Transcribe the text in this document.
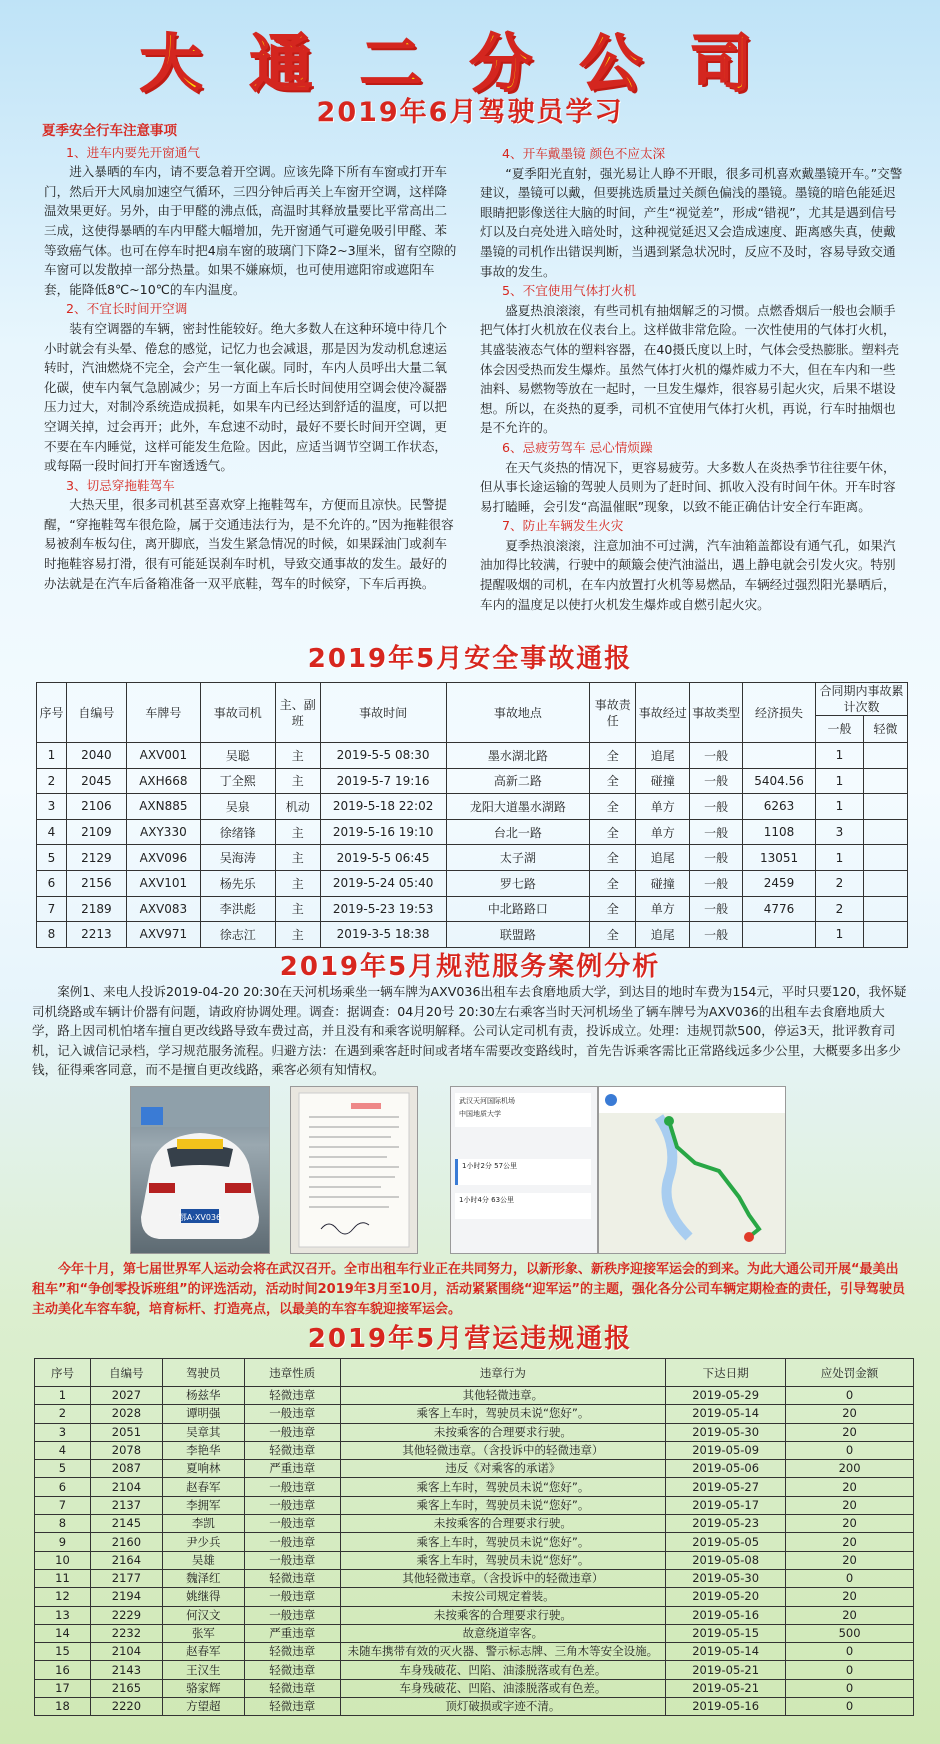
大通二分公司
2019年6月驾驶员学习
夏季安全行车注意事项
1、进车内要先开窗通气

进入暴晒的车内，请不要急着开空调。应该先降下所有车窗或打开车门，然后开大风扇加速空气循环，三四分钟后再关上车窗开空调，这样降温效果更好。另外，由于甲醛的沸点低，高温时其释放量要比平常高出二三成，这使得暴晒的车内甲醛大幅增加，先开窗通气可避免吸引甲醛、苯等致癌气体。也可在停车时把4扇车窗的玻璃门下降2~3厘米，留有空隙的车窗可以发散掉一部分热量。如果不嫌麻烦，也可使用遮阳帘或遮阳车套，能降低8℃~10℃的车内温度。

2、不宜长时间开空调

装有空调器的车辆，密封性能较好。绝大多数人在这种环境中待几个小时就会有头晕、倦怠的感觉，记忆力也会减退，那是因为发动机怠速运转时，汽油燃烧不完全，会产生一氧化碳。同时，车内人员呼出大量二氧化碳，使车内氧气急剧减少；另一方面上车后长时间使用空调会使冷凝器压力过大，对制冷系统造成损耗，如果车内已经达到舒适的温度，可以把空调关掉，过会再开；此外，车怠速不动时，最好不要长时间开空调，更不要在车内睡觉，这样可能发生危险。因此，应适当调节空调工作状态，或每隔一段时间打开车窗透透气。

3、切忌穿拖鞋驾车

大热天里，很多司机甚至喜欢穿上拖鞋驾车，方便而且凉快。民警提醒，“穿拖鞋驾车很危险，属于交通违法行为，是不允许的。”因为拖鞋很容易被刹车板勾住，离开脚底，当发生紧急情况的时候，如果踩油门或刹车时拖鞋容易打滑，很有可能延误刹车时机，导致交通事故的发生。最好的办法就是在汽车后备箱准备一双平底鞋，驾车的时候穿，下车后再换。

4、开车戴墨镜 颜色不应太深

“夏季阳光直射，强光易让人睁不开眼，很多司机喜欢戴墨镜开车。”交警建议，墨镜可以戴，但要挑选质量过关颜色偏浅的墨镜。墨镜的暗色能延迟眼睛把影像送往大脑的时间，产生“视觉差”，形成“错视”，尤其是遇到信号灯以及白亮处进入暗处时，这种视觉延迟又会造成速度、距离感失真，使戴墨镜的司机作出错误判断，当遇到紧急状况时，反应不及时，容易导致交通事故的发生。

5、不宜使用气体打火机

盛夏热浪滚滚，有些司机有抽烟解乏的习惯。点燃香烟后一般也会顺手把气体打火机放在仪表台上。这样做非常危险。一次性使用的气体打火机，其盛装液态气体的塑料容器，在40摄氏度以上时，气体会受热膨胀。塑料壳体会因受热而发生爆炸。虽然气体打火机的爆炸威力不大，但在车内和一些油料、易燃物等放在一起时，一旦发生爆炸，很容易引起火灾，后果不堪设想。所以，在炎热的夏季，司机不宜使用气体打火机，再说，行车时抽烟也是不允许的。

6、忌疲劳驾车 忌心情烦躁

在天气炎热的情况下，更容易疲劳。大多数人在炎热季节往往要午休，但从事长途运输的驾驶人员则为了赶时间、抓收入没有时间午休。开车时容易打瞌睡，会引发“高温催眠”现象，以致不能正确估计安全行车距离。

7、防止车辆发生火灾

夏季热浪滚滚，注意加油不可过满，汽车油箱盖都设有通气孔，如果汽油加得比较满，行驶中的颠簸会使汽油溢出，遇上静电就会引发火灾。特别提醒吸烟的司机，在车内放置打火机等易燃品，车辆经过强烈阳光暴晒后，车内的温度足以使打火机发生爆炸或自燃引起火灾。

2019年5月安全事故通报
序号	自编号	车牌号	事故司机	主、副班	事故时间	事故地点	事故责任	事故经过	事故类型	经济损失	合同期内事故累计次数	
											一般	轻微
1	2040	AXV001	吴聪	主	2019-5-5 08:30	墨水湖北路	全	追尾	一般		1	
2	2045	AXH668	丁全熙	主	2019-5-7 19:16	高新二路	全	碰撞	一般	5404.56	1	
3	2106	AXN885	吴泉	机动	2019-5-18 22:02	龙阳大道墨水湖路	全	单方	一般	6263	1	
4	2109	AXY330	徐绪锋	主	2019-5-16 19:10	台北一路	全	单方	一般	1108	3	
5	2129	AXV096	吴海涛	主	2019-5-5 06:45	太子湖	全	追尾	一般	13051	1	
6	2156	AXV101	杨先乐	主	2019-5-24 05:40	罗七路	全	碰撞	一般	2459	2	
7	2189	AXV083	李洪彪	主	2019-5-23 19:53	中北路路口	全	单方	一般	4776	2	
8	2213	AXV971	徐志江	主	2019-3-5 18:38	联盟路	全	追尾	一般		1	
2019年5月规范服务案例分析

案例1、来电人投诉2019-04-20 20:30在天河机场乘坐一辆车牌为AXV036出租车去食磨地质大学，到达目的地时车费为154元，平时只要120，我怀疑司机绕路或车辆计价器有问题，请政府协调处理。调查：据调查：04月20号 20:30左右乘客当时天河机场坐了辆车牌号为AXV036的出租车去食磨地质大学，路上因司机怕堵车擅自更改线路导致车费过高，并且没有和乘客说明解释。公司认定司机有责，投诉成立。处理：违规罚款500，停运3天，批评教育司机，记入诚信记录档，学习规范服务流程。归避方法：在遇到乘客赶时间或者堵车需要改变路线时，首先告诉乘客需比正常路线远多少公里，大概要多出多少钱，征得乘客同意，而不是擅自更改线路，乘客必须有知情权。

鄂A·XV036
武汉天河国际机场
中国地质大学
1小时2分 57公里
1小时4分 63公里

今年十月，第七届世界军人运动会将在武汉召开。全市出租车行业正在共同努力，以新形象、新秩序迎接军运会的到来。为此大通公司开展“最美出租车”和“争创零投诉班组”的评选活动，活动时间2019年3月至10月，活动紧紧围绕“迎军运”的主题，强化各分公司车辆定期检查的责任，引导驾驶员主动美化车容车貌，培育标杆、打造亮点，以最美的车容车貌迎接军运会。

2019年5月营运违规通报
序号	自编号	驾驶员	违章性质	违章行为	下达日期	应处罚金额
1	2027	杨兹华	轻微违章	其他轻微违章。	2019-05-29	0
2	2028	谭明强	一般违章	乘客上车时，驾驶员未说“您好”。	2019-05-14	20
3	2051	吴章其	一般违章	未按乘客的合理要求行驶。	2019-05-30	20
4	2078	李艳华	轻微违章	其他轻微违章。（含投诉中的轻微违章）	2019-05-09	0
5	2087	夏响林	严重违章	违反《对乘客的承诺》	2019-05-06	200
6	2104	赵春军	一般违章	乘客上车时，驾驶员未说“您好”。	2019-05-27	20
7	2137	李拥军	一般违章	乘客上车时，驾驶员未说“您好”。	2019-05-17	20
8	2145	李凯	一般违章	未按乘客的合理要求行驶。	2019-05-23	20
9	2160	尹少兵	一般违章	乘客上车时，驾驶员未说“您好”。	2019-05-05	20
10	2164	吴雄	一般违章	乘客上车时，驾驶员未说“您好”。	2019-05-08	20
11	2177	魏泽红	轻微违章	其他轻微违章。（含投诉中的轻微违章）	2019-05-30	0
12	2194	姚继得	一般违章	未按公司规定着装。	2019-05-20	20
13	2229	何汉文	一般违章	未按乘客的合理要求行驶。	2019-05-16	20
14	2232	张军	严重违章	故意绕道宰客。	2019-05-15	500
15	2104	赵春军	轻微违章	未随车携带有效的灭火器、警示标志牌、三角木等安全设施。	2019-05-14	0
16	2143	王汉生	轻微违章	车身残破花、凹陷、油漆脱落或有色差。	2019-05-21	0
17	2165	骆家辉	轻微违章	车身残破花、凹陷、油漆脱落或有色差。	2019-05-21	0
18	2220	方望超	轻微违章	顶灯破损或字迹不清。	2019-05-16	0
